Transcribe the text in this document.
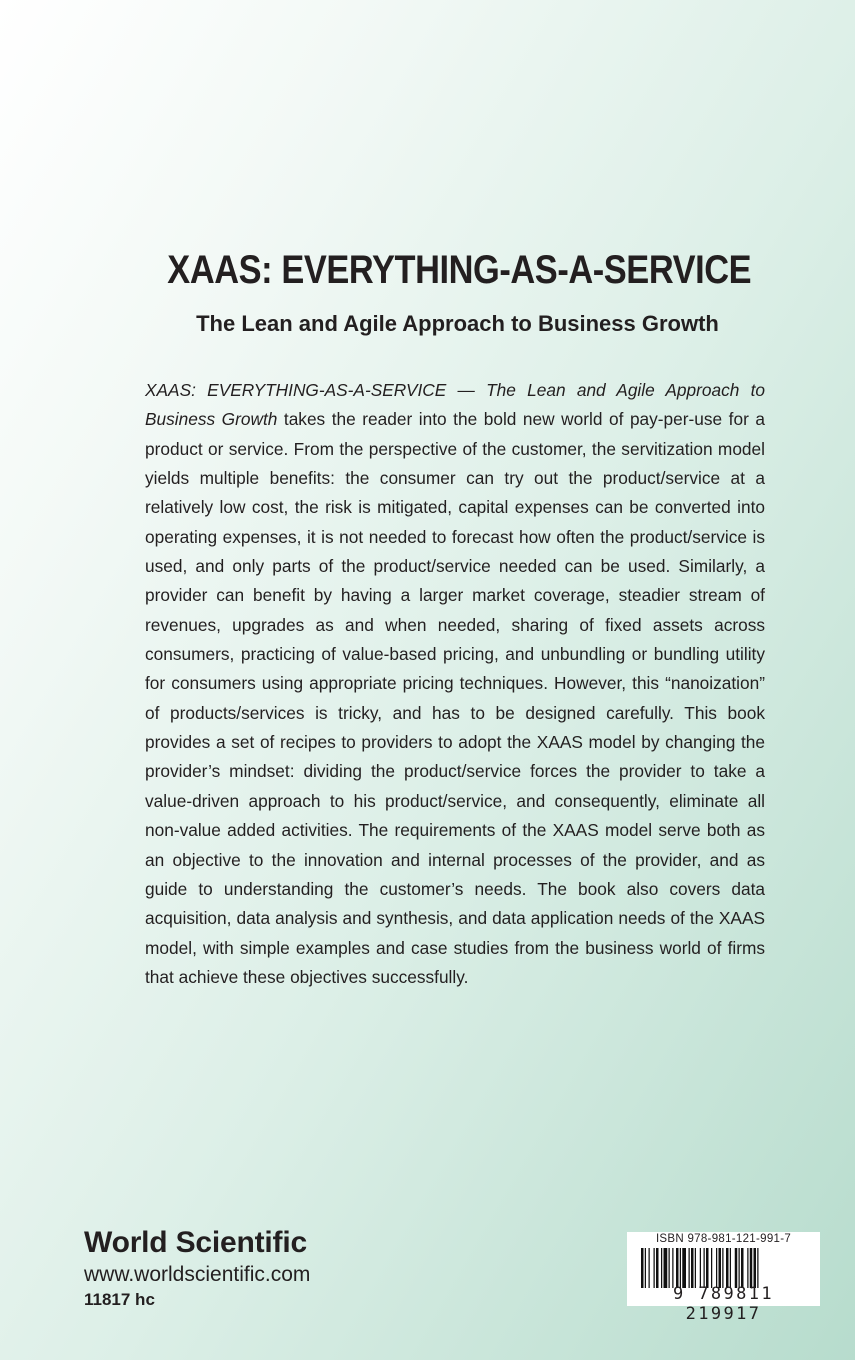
XAAS: EVERYTHING-AS-A-SERVICE
The Lean and Agile Approach to Business Growth

XAAS: EVERYTHING-AS-A-SERVICE — The Lean and Agile Approach to Business Growth takes the reader into the bold new world of pay-per-use for a product or service. From the perspective of the customer, the servitization model yields multiple benefits: the consumer can try out the product/service at a relatively low cost, the risk is mitigated, capital expenses can be converted into operating expenses, it is not needed to forecast how often the product/service is used, and only parts of the product/service needed can be used. Similarly, a provider can benefit by having a larger market coverage, steadier stream of revenues, upgrades as and when needed, sharing of fixed assets across consumers, practicing of value-based pricing, and unbundling or bundling utility for consumers using appropriate pricing techniques. However, this “nanoization” of products/services is tricky, and has to be designed carefully. This book provides a set of recipes to providers to adopt the XAAS model by changing the provider’s mindset: dividing the product/service forces the provider to take a value-driven approach to his product/service, and consequently, eliminate all non-value added activities. The requirements of the XAAS model serve both as an objective to the innovation and internal processes of the provider, and as guide to understanding the customer’s needs. The book also covers data acquisition, data analysis and synthesis, and data application needs of the XAAS model, with simple examples and case studies from the business world of firms that achieve these objectives successfully.

World Scientific
www.worldscientific.com
11817 hc
ISBN 978-981-121-991-7
9 789811 219917
